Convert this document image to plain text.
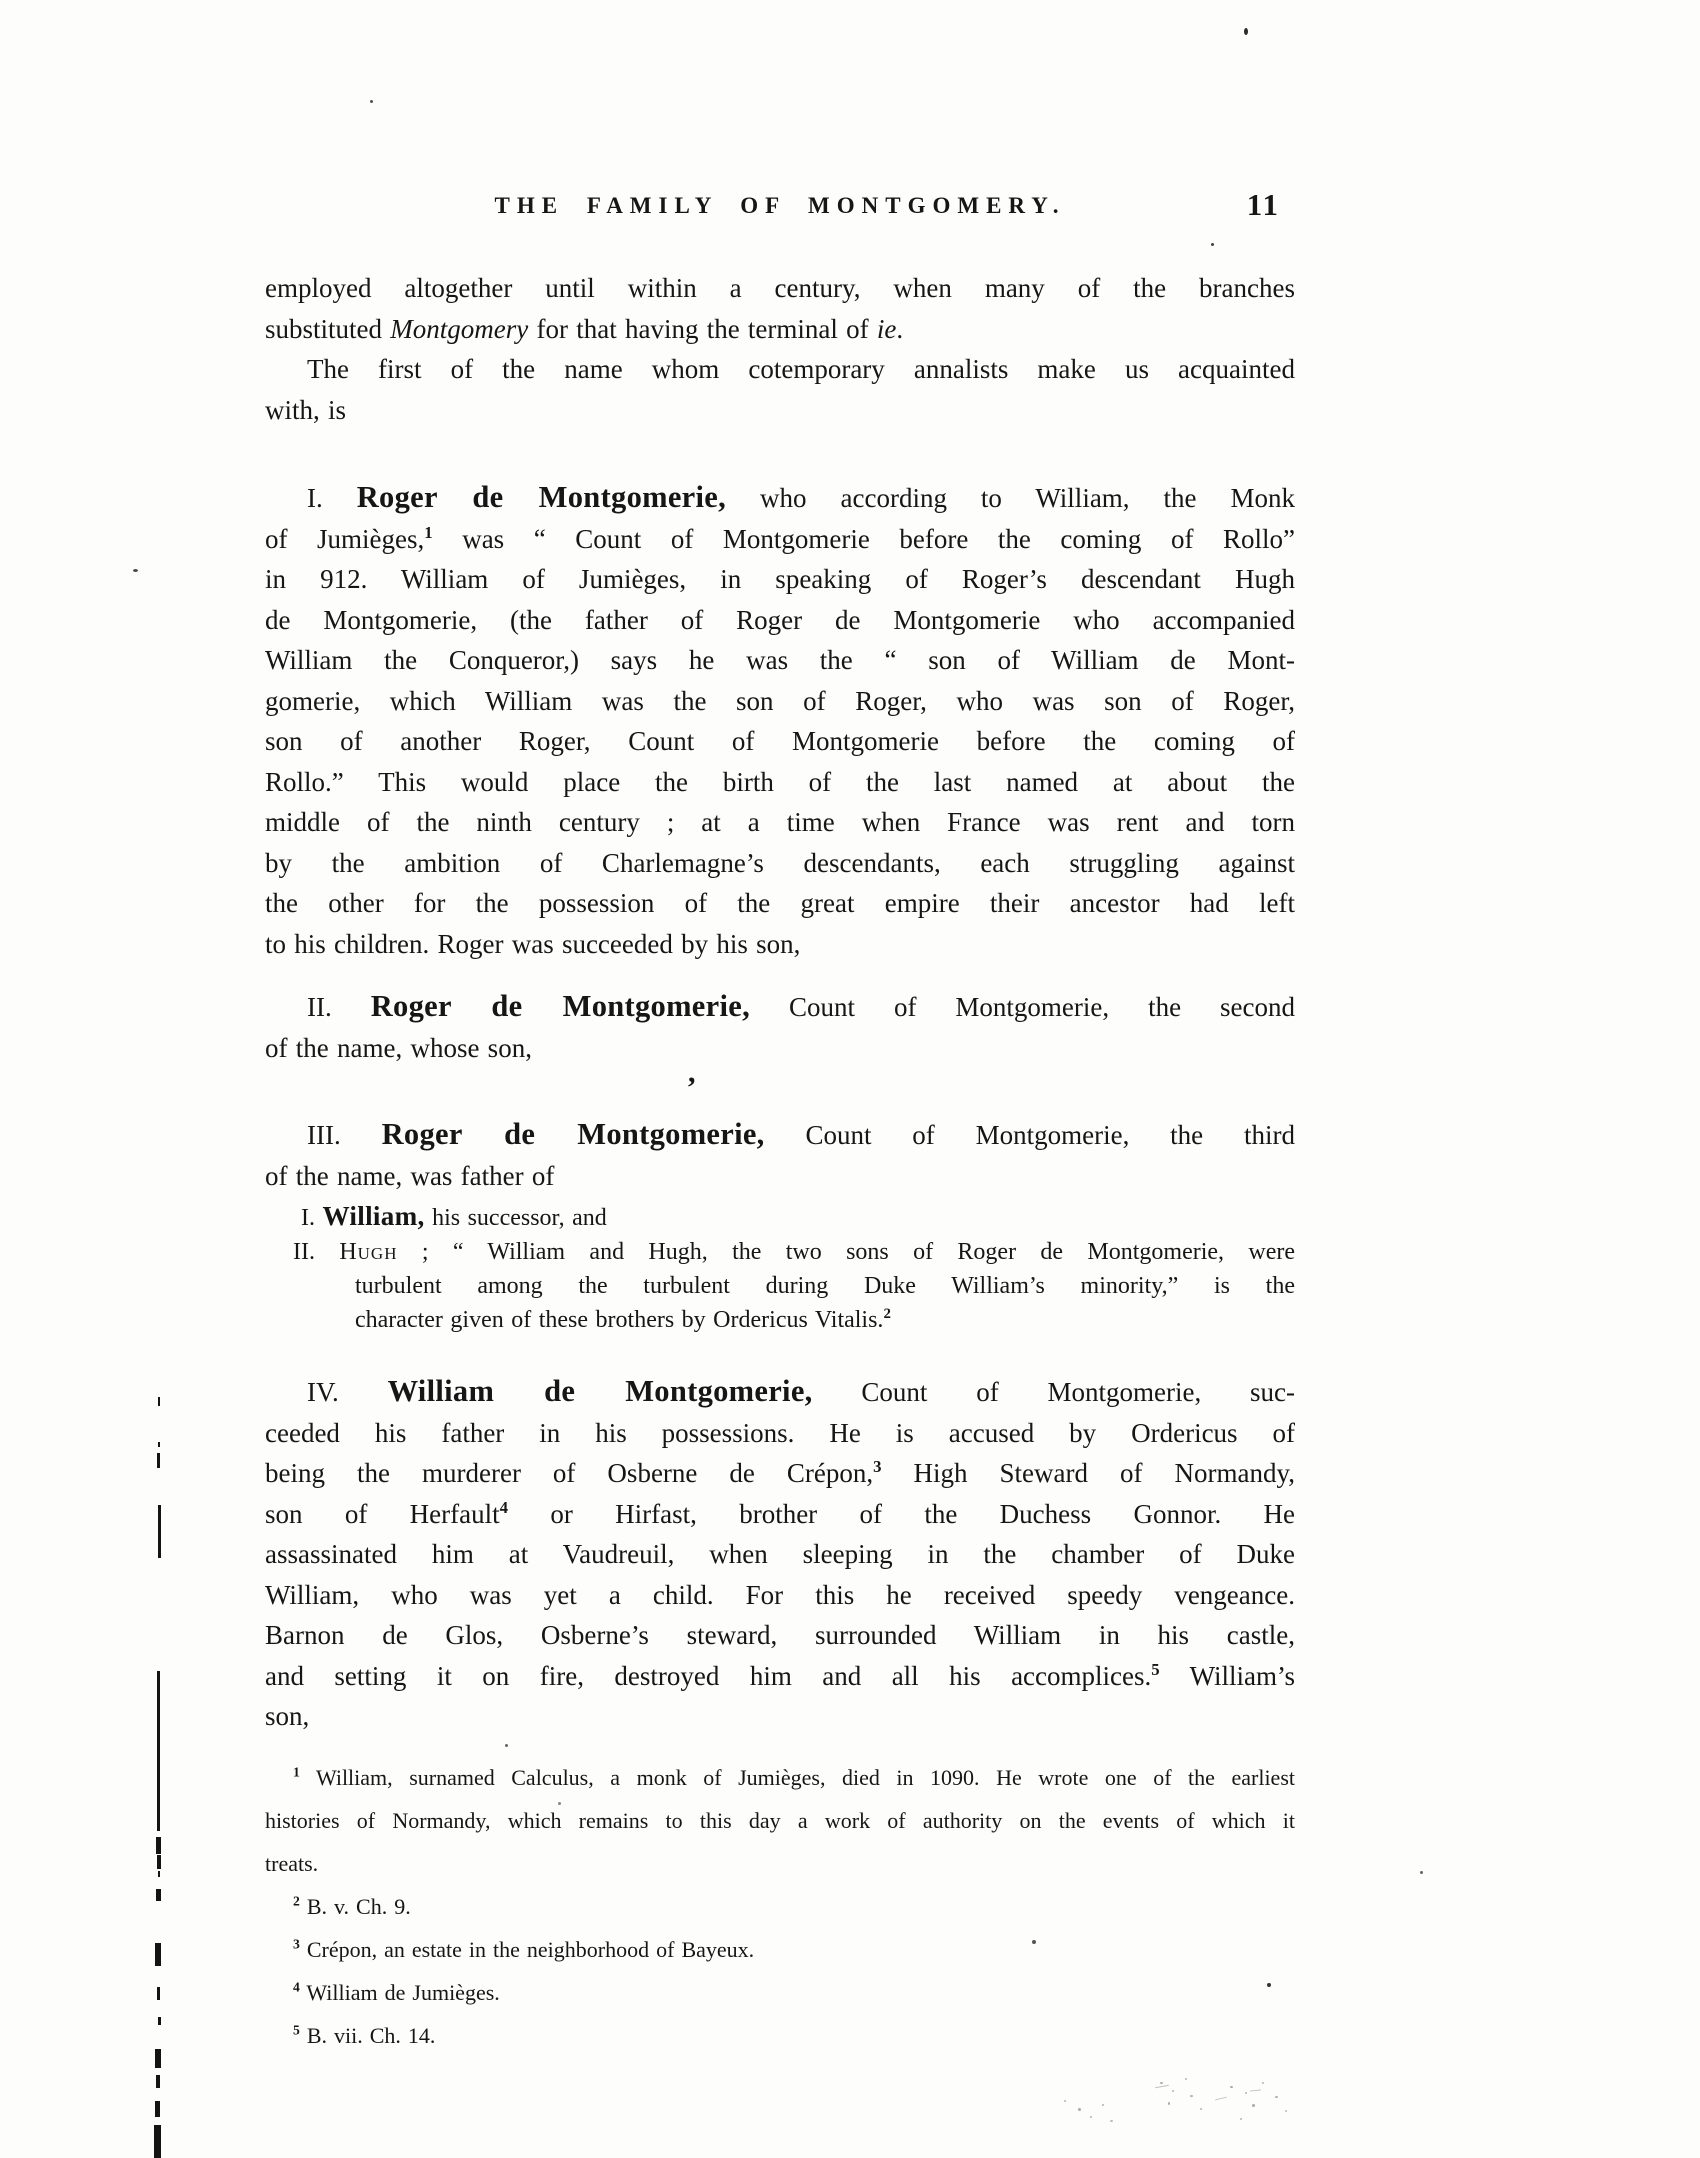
,
THE FAMILY OF MONTGOMERY.	11
employed altogether until within a century, when many of the branches
substituted Montgomery for that having the terminal of ie.
The first of the name whom cotemporary annalists make us acquainted
with, is
I. Roger de Montgomerie, who according to William, the Monk
of Jumièges,$^1$ was “ Count of Montgomerie before the coming of Rollo”
in 912. William of Jumièges, in speaking of Roger’s descendant Hugh
de Montgomerie, (the father of Roger de Montgomerie who accompanied
William the Conqueror,) says he was the “ son of William de Mont-
gomerie, which William was the son of Roger, who was son of Roger,
son of another Roger, Count of Montgomerie before the coming of
Rollo.” This would place the birth of the last named at about the
middle of the ninth century ; at a time when France was rent and torn
by the ambition of Charlemagne’s descendants, each struggling against
the other for the possession of the great empire their ancestor had left
to his children. Roger was succeeded by his son,
II. Roger de Montgomerie, Count of Montgomerie, the second
of the name, whose son,
III. Roger de Montgomerie, Count of Montgomerie, the third
of the name, was father of
I. William, his successor, and
II. Hugh ; “ William and Hugh, the two sons of Roger de Montgomerie, were
turbulent among the turbulent during Duke William’s minority,” is the
character given of these brothers by Ordericus Vitalis.$^2$
IV. William de Montgomerie, Count of Montgomerie, suc-
ceeded his father in his possessions. He is accused by Ordericus of
being the murderer of Osberne de Crépon,$^3$ High Steward of Normandy,
son of Herfault$^4$ or Hirfast, brother of the Duchess Gonnor. He
assassinated him at Vaudreuil, when sleeping in the chamber of Duke
William, who was yet a child. For this he received speedy vengeance.
Barnon de Glos, Osberne’s steward, surrounded William in his castle,
and setting it on fire, destroyed him and all his accomplices.$^5$ William’s
son,
$^1$ William, surnamed Calculus, a monk of Jumièges, died in 1090. He wrote one of the earliest
histories of Normandy, which remains to this day a work of authority on the events of which it
treats.
$^2$ B. v. Ch. 9.
$^3$ Crépon, an estate in the neighborhood of Bayeux.
$^4$ William de Jumièges.
$^5$ B. vii. Ch. 14.
